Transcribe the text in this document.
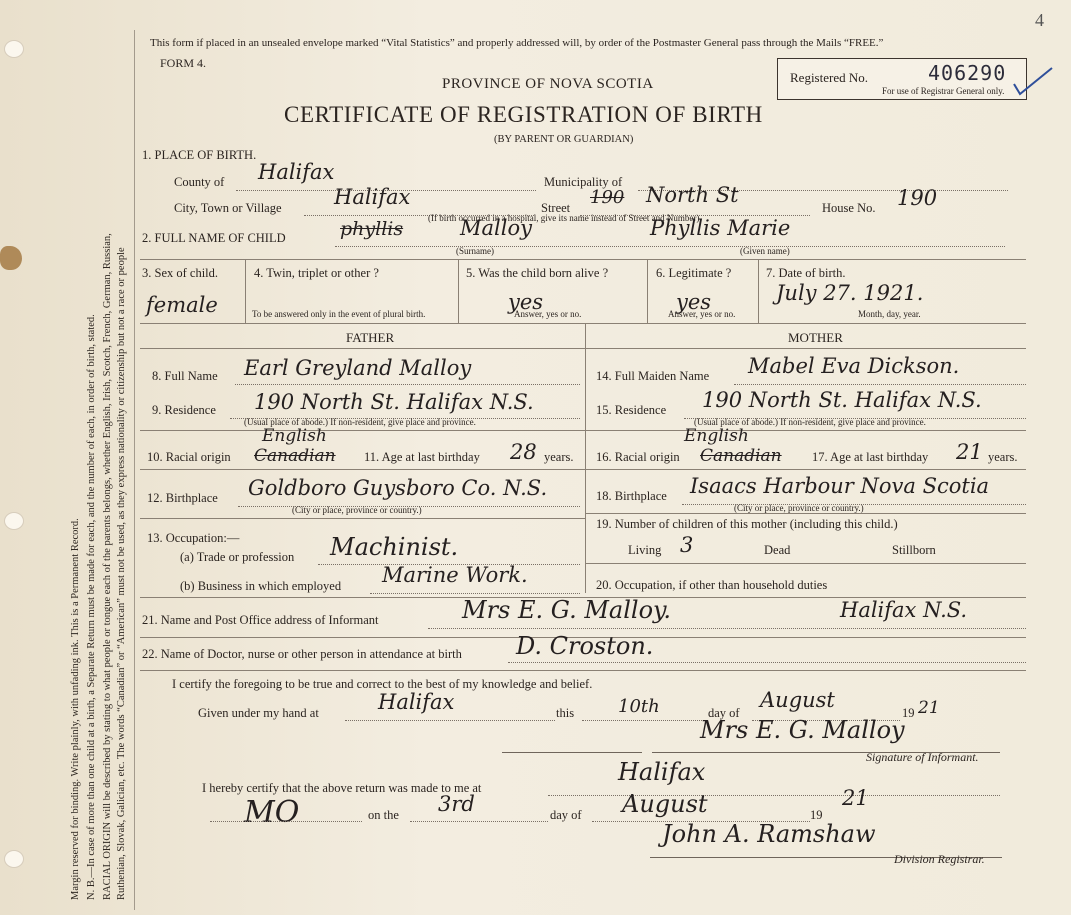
Margin reserved for binding. Write plainly, with unfading ink. This is a Permanent Record. N. B.—In case of more than one child at a birth, a Separate Return must be made for each, and the number of each, in order of birth, stated. RACIAL ORIGIN will be described by stating to what people or tongue each of the parents belongs, whether English, Irish, Scotch, French, German, Russian, Ruthenian, Slovak, Galician, etc. The words “Canadian” or “American” must not be used, as they express nationality or citizenship but not a race or people
This form if placed in an unsealed envelope marked “Vital Statistics” and properly addressed will, by order of the Postmaster General pass through the Mails “FREE.”
FORM 4.
PROVINCE OF NOVA SCOTIA
CERTIFICATE OF REGISTRATION OF BIRTH
(BY PARENT OR GUARDIAN)
4
Registered No.	406290
For use of Registrar General only.
1. PLACE OF BIRTH.
County of Halifax	Municipality of
City, Town or Village Halifax	Street 190 North St
House No. 190
(If birth occurred in a hospital, give its name instead of Street and Number)
2. FULL NAME OF CHILD	phyllis	Malloy
(Surname)
Phyllis Marie
(Given name)
3. Sex of child.
female
4. Twin, triplet or other ?
To be answered only in the event of plural birth.
5. Was the child born alive ?
yes
Answer, yes or no.
6. Legitimate ?
yes
Answer, yes or no.
7. Date of birth.
July 27. 1921.
Month, day, year.
FATHER	MOTHER
8. Full Name Earl Greyland Malloy
9. Residence 190 North St. Halifax N.S.
(Usual place of abode.) If non-resident, give place and province.
10. Racial origin Canadian
English
11. Age at last birthday 28 years.
12. Birthplace Goldboro Guysboro Co. N.S.
(City or place, province or country.)
13. Occupation:—
(a) Trade or profession Machinist.
(b) Business in which employed Marine Work.
14. Full Maiden Name Mabel Eva Dickson.
15. Residence 190 North St. Halifax N.S.
(Usual place of abode.) If non-resident, give place and province.
16. Racial origin Canadian
English
17. Age at last birthday 21 years.
18. Birthplace Isaacs Harbour Nova Scotia
(City or place, province or country.)
19. Number of children of this mother (including this child.)
Living 3	Dead	Stillborn
20. Occupation, if other than household duties
21. Name and Post Office address of Informant	Mrs E. G. Malloy.	Halifax N.S.
22. Name of Doctor, nurse or other person in attendance at birth D. Croston.
I certify the foregoing to be true and correct to the best of my knowledge and belief.
Given under my hand at	Halifax	this 10th	day of
August
19 21
Mrs E. G. Malloy
Signature of Informant.
I hereby certify that the above return was made to me at
Halifax
MO	on the 3rd	day of August	19
21
John A. Ramshaw
Division Registrar.
